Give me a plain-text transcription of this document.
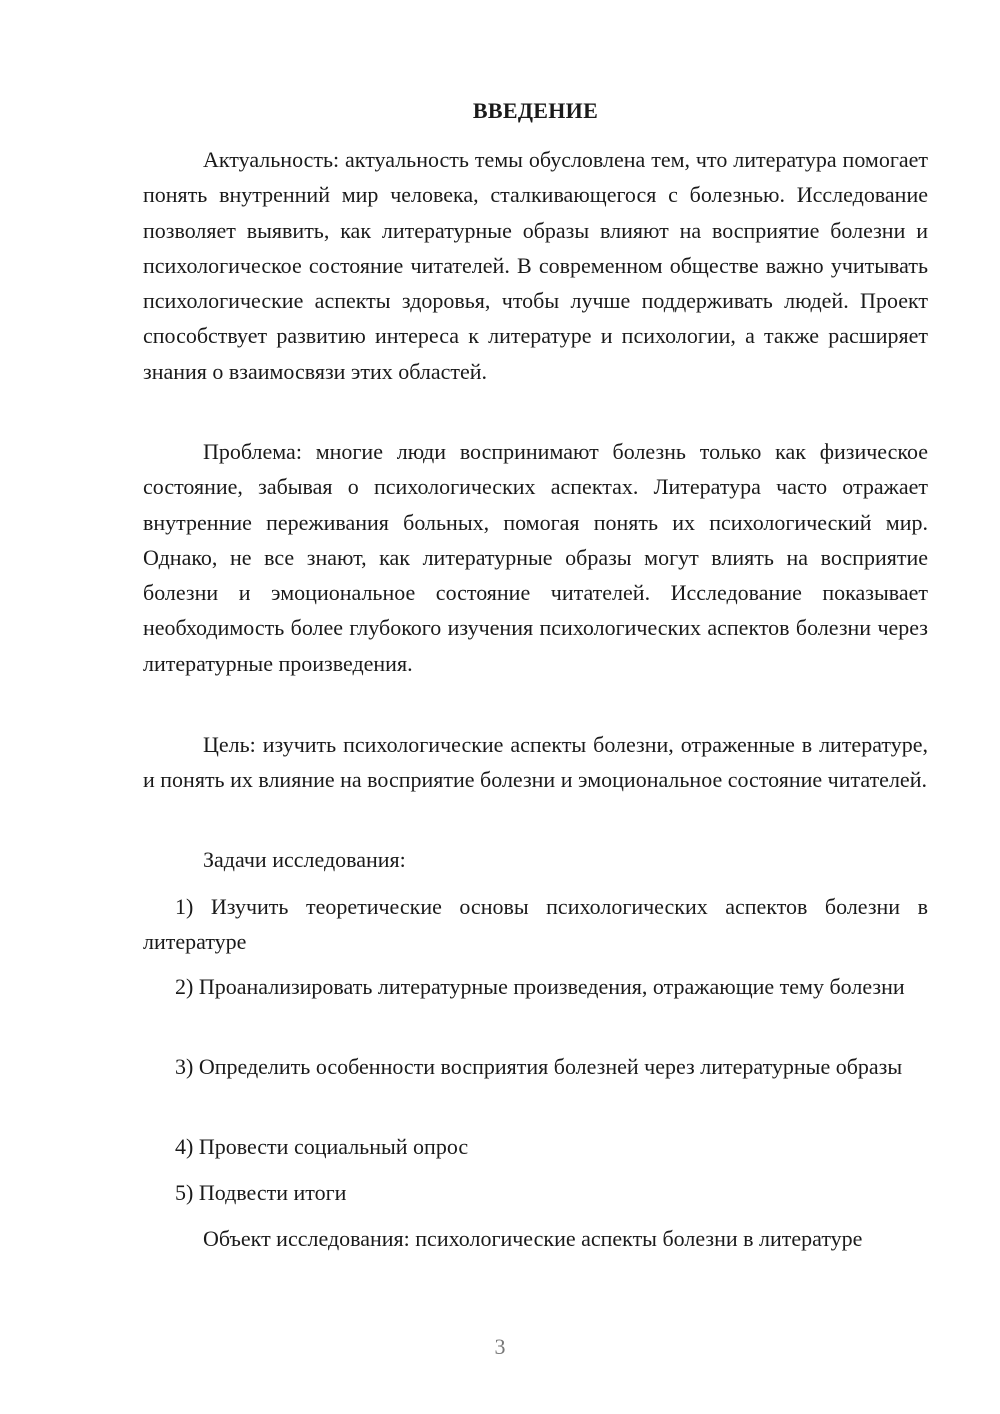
ВВЕДЕНИЕ

Актуальность: актуальность темы обусловлена тем, что литература помогает понять внутренний мир человека, сталкивающегося с болезнью. Исследование позволяет выявить, как литературные образы влияют на восприятие болезни и психологическое состояние читателей. В современном обществе важно учитывать психологические аспекты здоровья, чтобы лучше поддерживать людей. Проект способствует развитию интереса к литературе и психологии, а также расширяет знания о взаимосвязи этих областей.

Проблема: многие люди воспринимают болезнь только как физическое состояние, забывая о психологических аспектах. Литература часто отражает внутренние переживания больных, помогая понять их психологический мир. Однако, не все знают, как литературные образы могут влиять на восприятие болезни и эмоциональное состояние читателей. Исследование показывает необходимость более глубокого изучения психологических аспектов болезни через литературные произведения.

Цель: изучить психологические аспекты болезни, отраженные в литературе, и понять их влияние на восприятие болезни и эмоциональное состояние читателей.

Задачи исследования:

1) Изучить теоретические основы психологических аспектов болезни в литературе

2) Проанализировать литературные произведения, отражающие тему болезни

3) Определить особенности восприятия болезней через литературные образы

4) Провести социальный опрос

5) Подвести итоги

Объект исследования: психологические аспекты болезни в литературе

3
